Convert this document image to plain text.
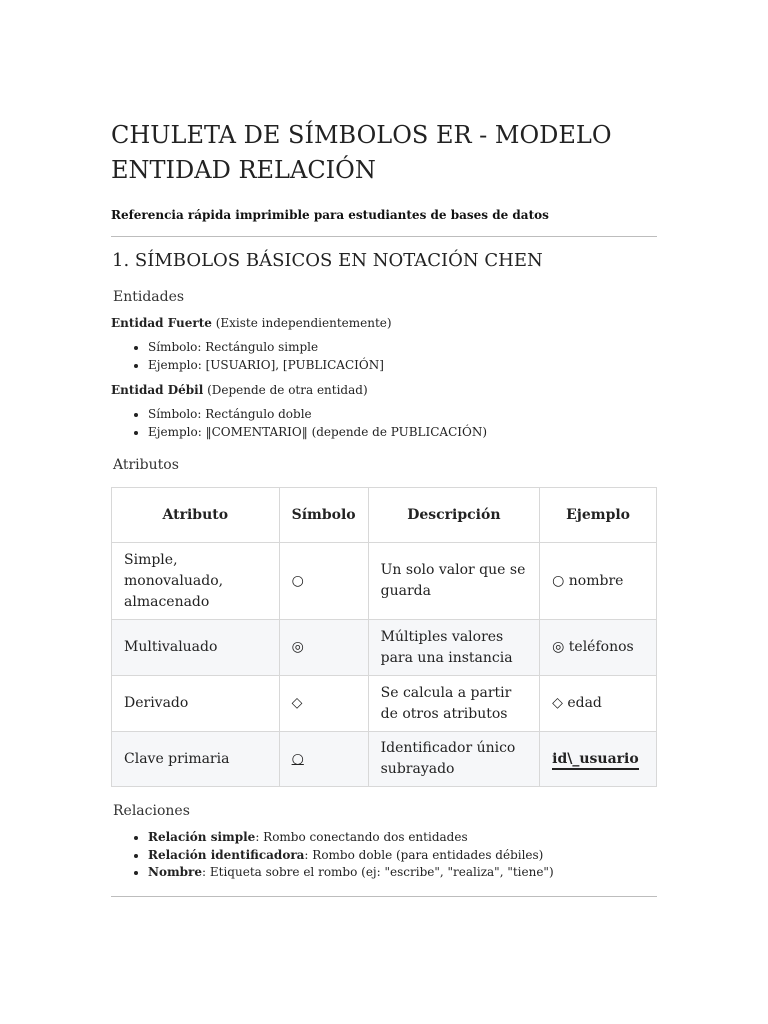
CHULETA DE SÍMBOLOS ER - MODELO ENTIDAD RELACIÓN

Referencia rápida imprimible para estudiantes de bases de datos

1. SÍMBOLOS BÁSICOS EN NOTACIÓN CHEN
Entidades

Entidad Fuerte (Existe independientemente)

• Símbolo: Rectángulo simple
• Ejemplo: [USUARIO], [PUBLICACIÓN]

Entidad Débil (Depende de otra entidad)

• Símbolo: Rectángulo doble
• Ejemplo: ‖COMENTARIO‖ (depende de PUBLICACIÓN)
Atributos
Atributo	Símbolo	Descripción	Ejemplo
Simple, monovaluado, almacenado	○	Un solo valor que se guarda	○ nombre
Multivaluado	◎	Múltiples valores para una instancia	◎ teléfonos
Derivado	◇	Se calcula a partir de otros atributos	◇ edad
Clave primaria	○	Identificador único subrayado	id\_usuario
Relaciones
• Relación simple: Rombo conectando dos entidades
• Relación identificadora: Rombo doble (para entidades débiles)
• Nombre: Etiqueta sobre el rombo (ej: "escribe", "realiza", "tiene")
